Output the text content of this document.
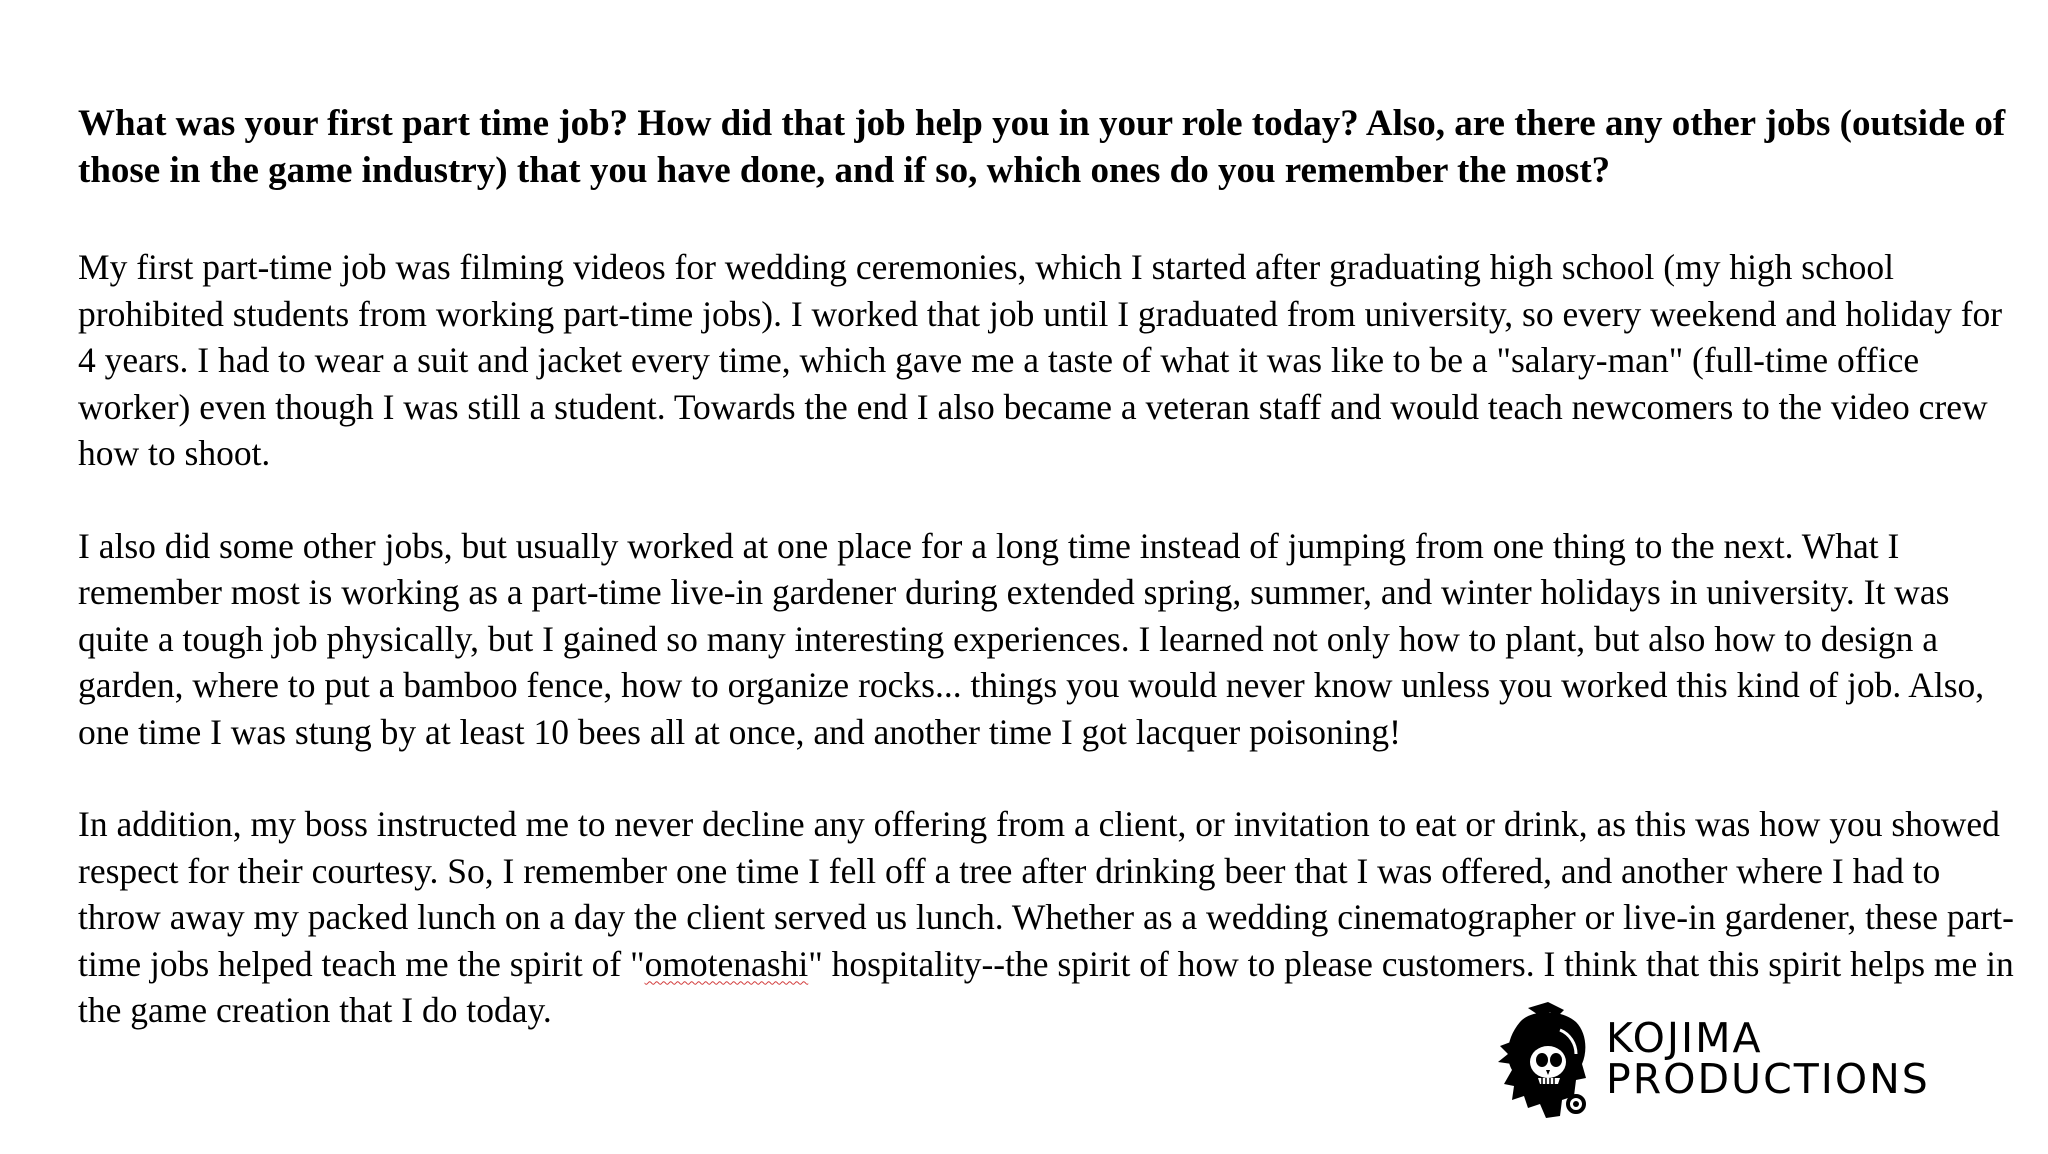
What was your first part time job? How did that job help you in your role today? Also, are there any other jobs (outside of those in the game industry) that you have done, and if so, which ones do you remember the most?

My first part-time job was filming videos for wedding ceremonies, which I started after graduating high school (my high school prohibited students from working part-time jobs). I worked that job until I graduated from university, so every weekend and holiday for 4 years. I had to wear a suit and jacket every time, which gave me a taste of what it was like to be a "salary-man" (full-time office worker) even though I was still a student. Towards the end I also became a veteran staff and would teach newcomers to the video crew how to shoot.

I also did some other jobs, but usually worked at one place for a long time instead of jumping from one thing to the next. What I remember most is working as a part-time live-in gardener during extended spring, summer, and winter holidays in university. It was quite a tough job physically, but I gained so many interesting experiences. I learned not only how to plant, but also how to design a garden, where to put a bamboo fence, how to organize rocks... things you would never know unless you worked this kind of job. Also, one time I was stung by at least 10 bees all at once, and another time I got lacquer poisoning!

In addition, my boss instructed me to never decline any offering from a client, or invitation to eat or drink, as this was how you showed respect for their courtesy. So, I remember one time I fell off a tree after drinking beer that I was offered, and another where I had to throw away my packed lunch on a day the client served us lunch. Whether as a wedding cinematographer or live-in gardener, these part-time jobs helped teach me the spirit of "omotenashi" hospitality--the spirit of how to please customers. I think that this spirit helps me in the game creation that I do today.

KOJIMA
PRODUCTIONS
